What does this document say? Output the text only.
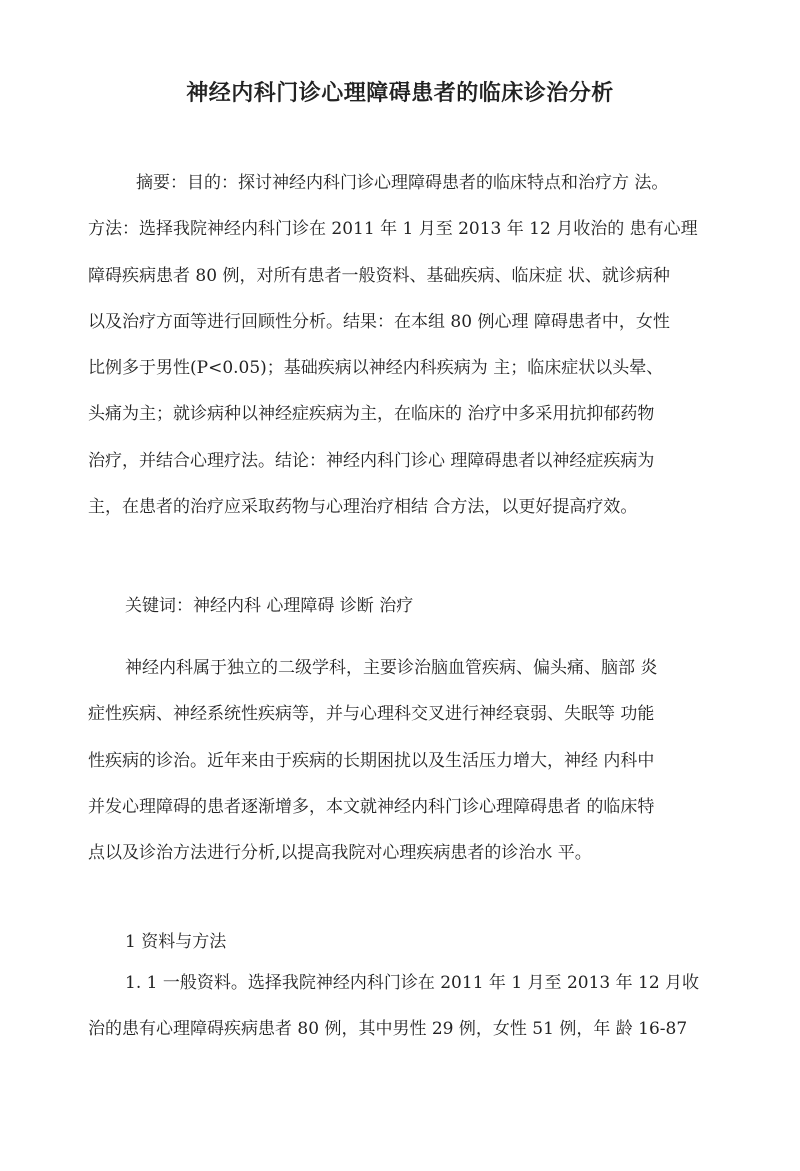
神经内科门诊心理障碍患者的临床诊治分析
摘要：目的：探讨神经内科门诊心理障碍患者的临床特点和治疗方 法。
方法：选择我院神经内科门诊在 2011 年 1 月至 2013 年 12 月收治的 患有心理
障碍疾病患者 80 例，对所有患者一般资料、基础疾病、临床症 状、就诊病种
以及治疗方面等进行回顾性分析。结果：在本组 80 例心理 障碍患者中，女性
比例多于男性(P<0.05)；基础疾病以神经内科疾病为 主；临床症状以头晕、
头痛为主；就诊病种以神经症疾病为主，在临床的 治疗中多采用抗抑郁药物
治疗，并结合心理疗法。结论：神经内科门诊心 理障碍患者以神经症疾病为
主，在患者的治疗应采取药物与心理治疗相结 合方法，以更好提高疗效。

关键词：神经内科 心理障碍 诊断 治疗

神经内科属于独立的二级学科，主要诊治脑血管疾病、偏头痛、脑部 炎
症性疾病、神经系统性疾病等，并与心理科交叉进行神经衰弱、失眠等 功能
性疾病的诊治。近年来由于疾病的长期困扰以及生活压力增大，神经 内科中
并发心理障碍的患者逐渐增多，本文就神经内科门诊心理障碍患者 的临床特
点以及诊治方法进行分析,以提高我院对心理疾病患者的诊治水 平。

1 资料与方法

1. 1 一般资料。选择我院神经内科门诊在 2011 年 1 月至 2013 年 12 月收
治的患有心理障碍疾病患者 80 例，其中男性 29 例，女性 51 例，年 龄 16-87
